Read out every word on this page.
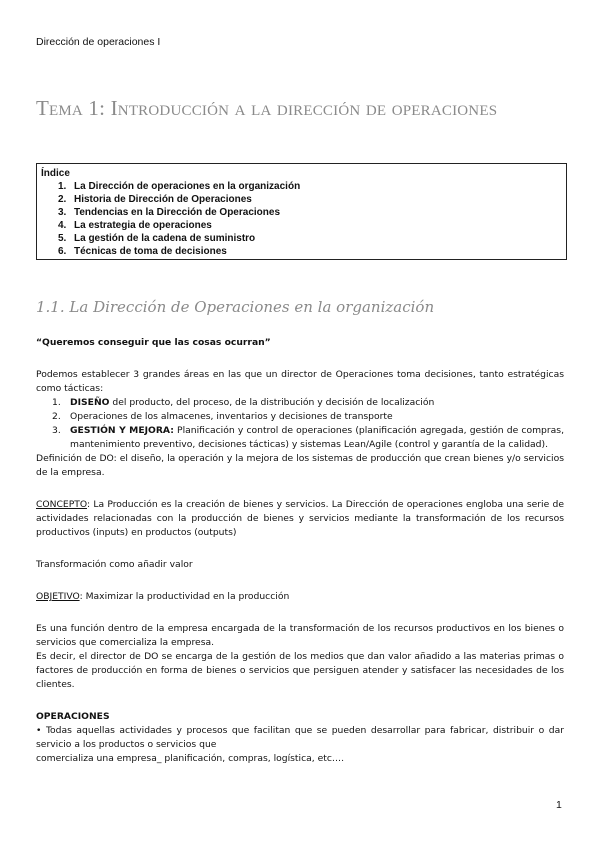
Dirección de operaciones I
Tema 1: Introducción a la dirección de operaciones
Índice
1. La Dirección de operaciones en la organización
2. Historia de Dirección de Operaciones
3. Tendencias en la Dirección de Operaciones
4. La estrategia de operaciones
5. La gestión de la cadena de suministro
6. Técnicas de toma de decisiones
1.1. La Dirección de Operaciones en la organización

“Queremos conseguir que las cosas ocurran”

Podemos establecer 3 grandes áreas en las que un director de Operaciones toma decisiones, tanto estratégicas como tácticas:

1.	DISEÑO del producto, del proceso, de la distribución y decisión de localización
2.	Operaciones de los almacenes, inventarios y decisiones de transporte
3.	GESTIÓN Y MEJORA: Planificación y control de operaciones (planificación agregada, gestión de compras, mantenimiento preventivo, decisiones tácticas) y sistemas Lean/Agile (control y garantía de la calidad).

Definición de DO: el diseño, la operación y la mejora de los sistemas de producción que crean bienes y/o servicios de la empresa.

CONCEPTO: La Producción es la creación de bienes y servicios. La Dirección de operaciones engloba una serie de actividades relacionadas con la producción de bienes y servicios mediante la transformación de los recursos productivos (inputs) en productos (outputs)

Transformación como añadir valor

OBJETIVO: Maximizar la productividad en la producción

Es una función dentro de la empresa encargada de la transformación de los recursos productivos en los bienes o servicios que comercializa la empresa.

Es decir, el director de DO se encarga de la gestión de los medios que dan valor añadido a las materias primas o factores de producción en forma de bienes o servicios que persiguen atender y satisfacer las necesidades de los clientes.

OPERACIONES

• Todas aquellas actividades y procesos que facilitan que se pueden desarrollar para fabricar, distribuir o dar servicio a los productos o servicios que

comercializa una empresa_ planificación, compras, logística, etc….

1
